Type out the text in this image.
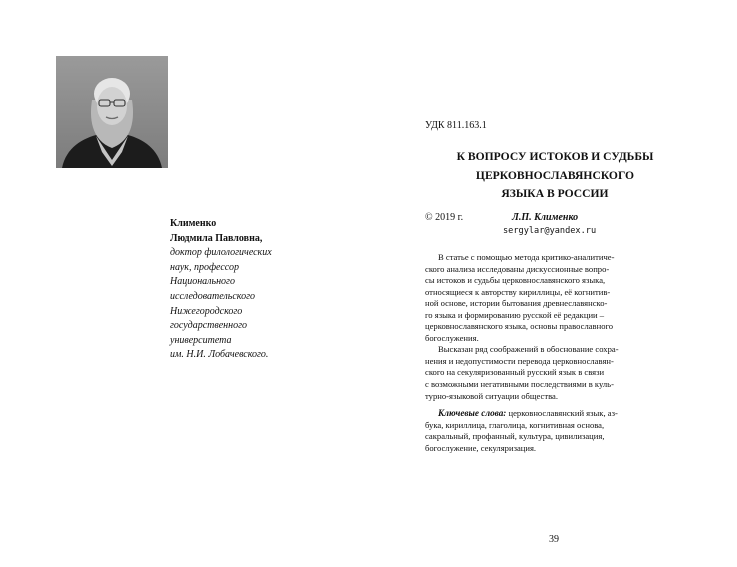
Клименко
Людмила Павловна,
доктор филологических
наук, профессор
Национального
исследовательского
Нижегородского
государственного
университета
им. Н.И. Лобачевского.
УДК 811.163.1
К ВОПРОСУ ИСТОКОВ И СУДЬБЫ
ЦЕРКОВНОСЛАВЯНСКОГО
ЯЗЫКА В РОССИИ
© 2019 г.	Л.П. Клименко
sergylar@yandex.ru

В статье с помощью метода критико-аналитиче-
ского анализа исследованы дискуссионные вопро-
сы истоков и судьбы церковнославянского языка,
относящиеся к авторству кириллицы, её когнитив-
ной основе, истории бытования древнеславянско-
го языка и формированию русской её редакции –
церковнославянского языка, основы православного
богослужения.

Высказан ряд соображений в обоснование сохра-
нения и недопустимости перевода церковнославян-
ского на секуляризованный русский язык в связи
с возможными негативными последствиями в куль-
турно-языковой ситуации общества.

Ключевые слова: церковнославянский язык, аз-
бука, кириллица, глаголица, когнитивная основа,
сакральный, профанный, культура, цивилизация,
богослужение, секуляризация.

39
